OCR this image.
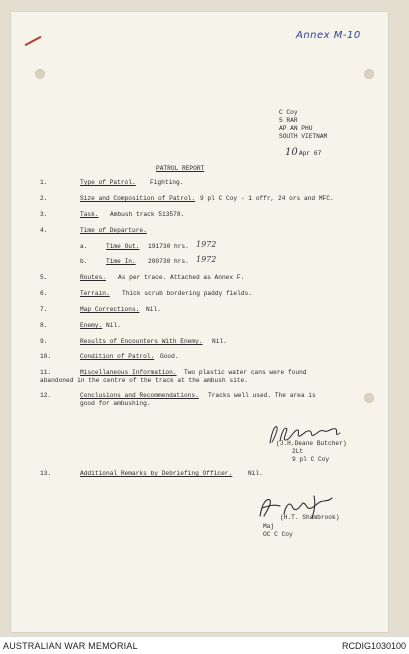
Annex M-10
C Coy
5 RAR
AP AN PHU
SOUTH VIETNAM
10 Apr 67
PATROL REPORT
1.	Type of Patrol. Fighting.
2.	Size and Composition of Patrol. 9 pl C Coy - 1 offr, 24 ors and MFC.
3.	Task. Ambush track 513578.
4.	Time of Departure.
a.	Time Out. 191730 hrs. 1972
b.	Time In. 200730 hrs. 1972
5.	Routes. As per trace. Attached as Annex F.
6.	Terrain. Thick scrub bordering paddy fields.
7.	Map Corrections. Nil.
8.	Enemy. Nil.
9.	Results of Encounters With Enemy. Nil.
10.	Condition of Patrol. Good.
11.	Miscellaneous Information. Two plastic water cans were found
abandoned in the centre of the track at the ambush site.
12.	Conclusions and Recommendations. Tracks well used. The area is
good for ambushing.
(J.H.Deane Butcher)
2Lt
9 pl C Coy
13.	Additional Remarks by Debriefing Officer.	Nil.
(H.T. Shambrook)
Maj
OC C Coy
AUSTRALIAN WAR MEMORIAL	RCDIG1030100
